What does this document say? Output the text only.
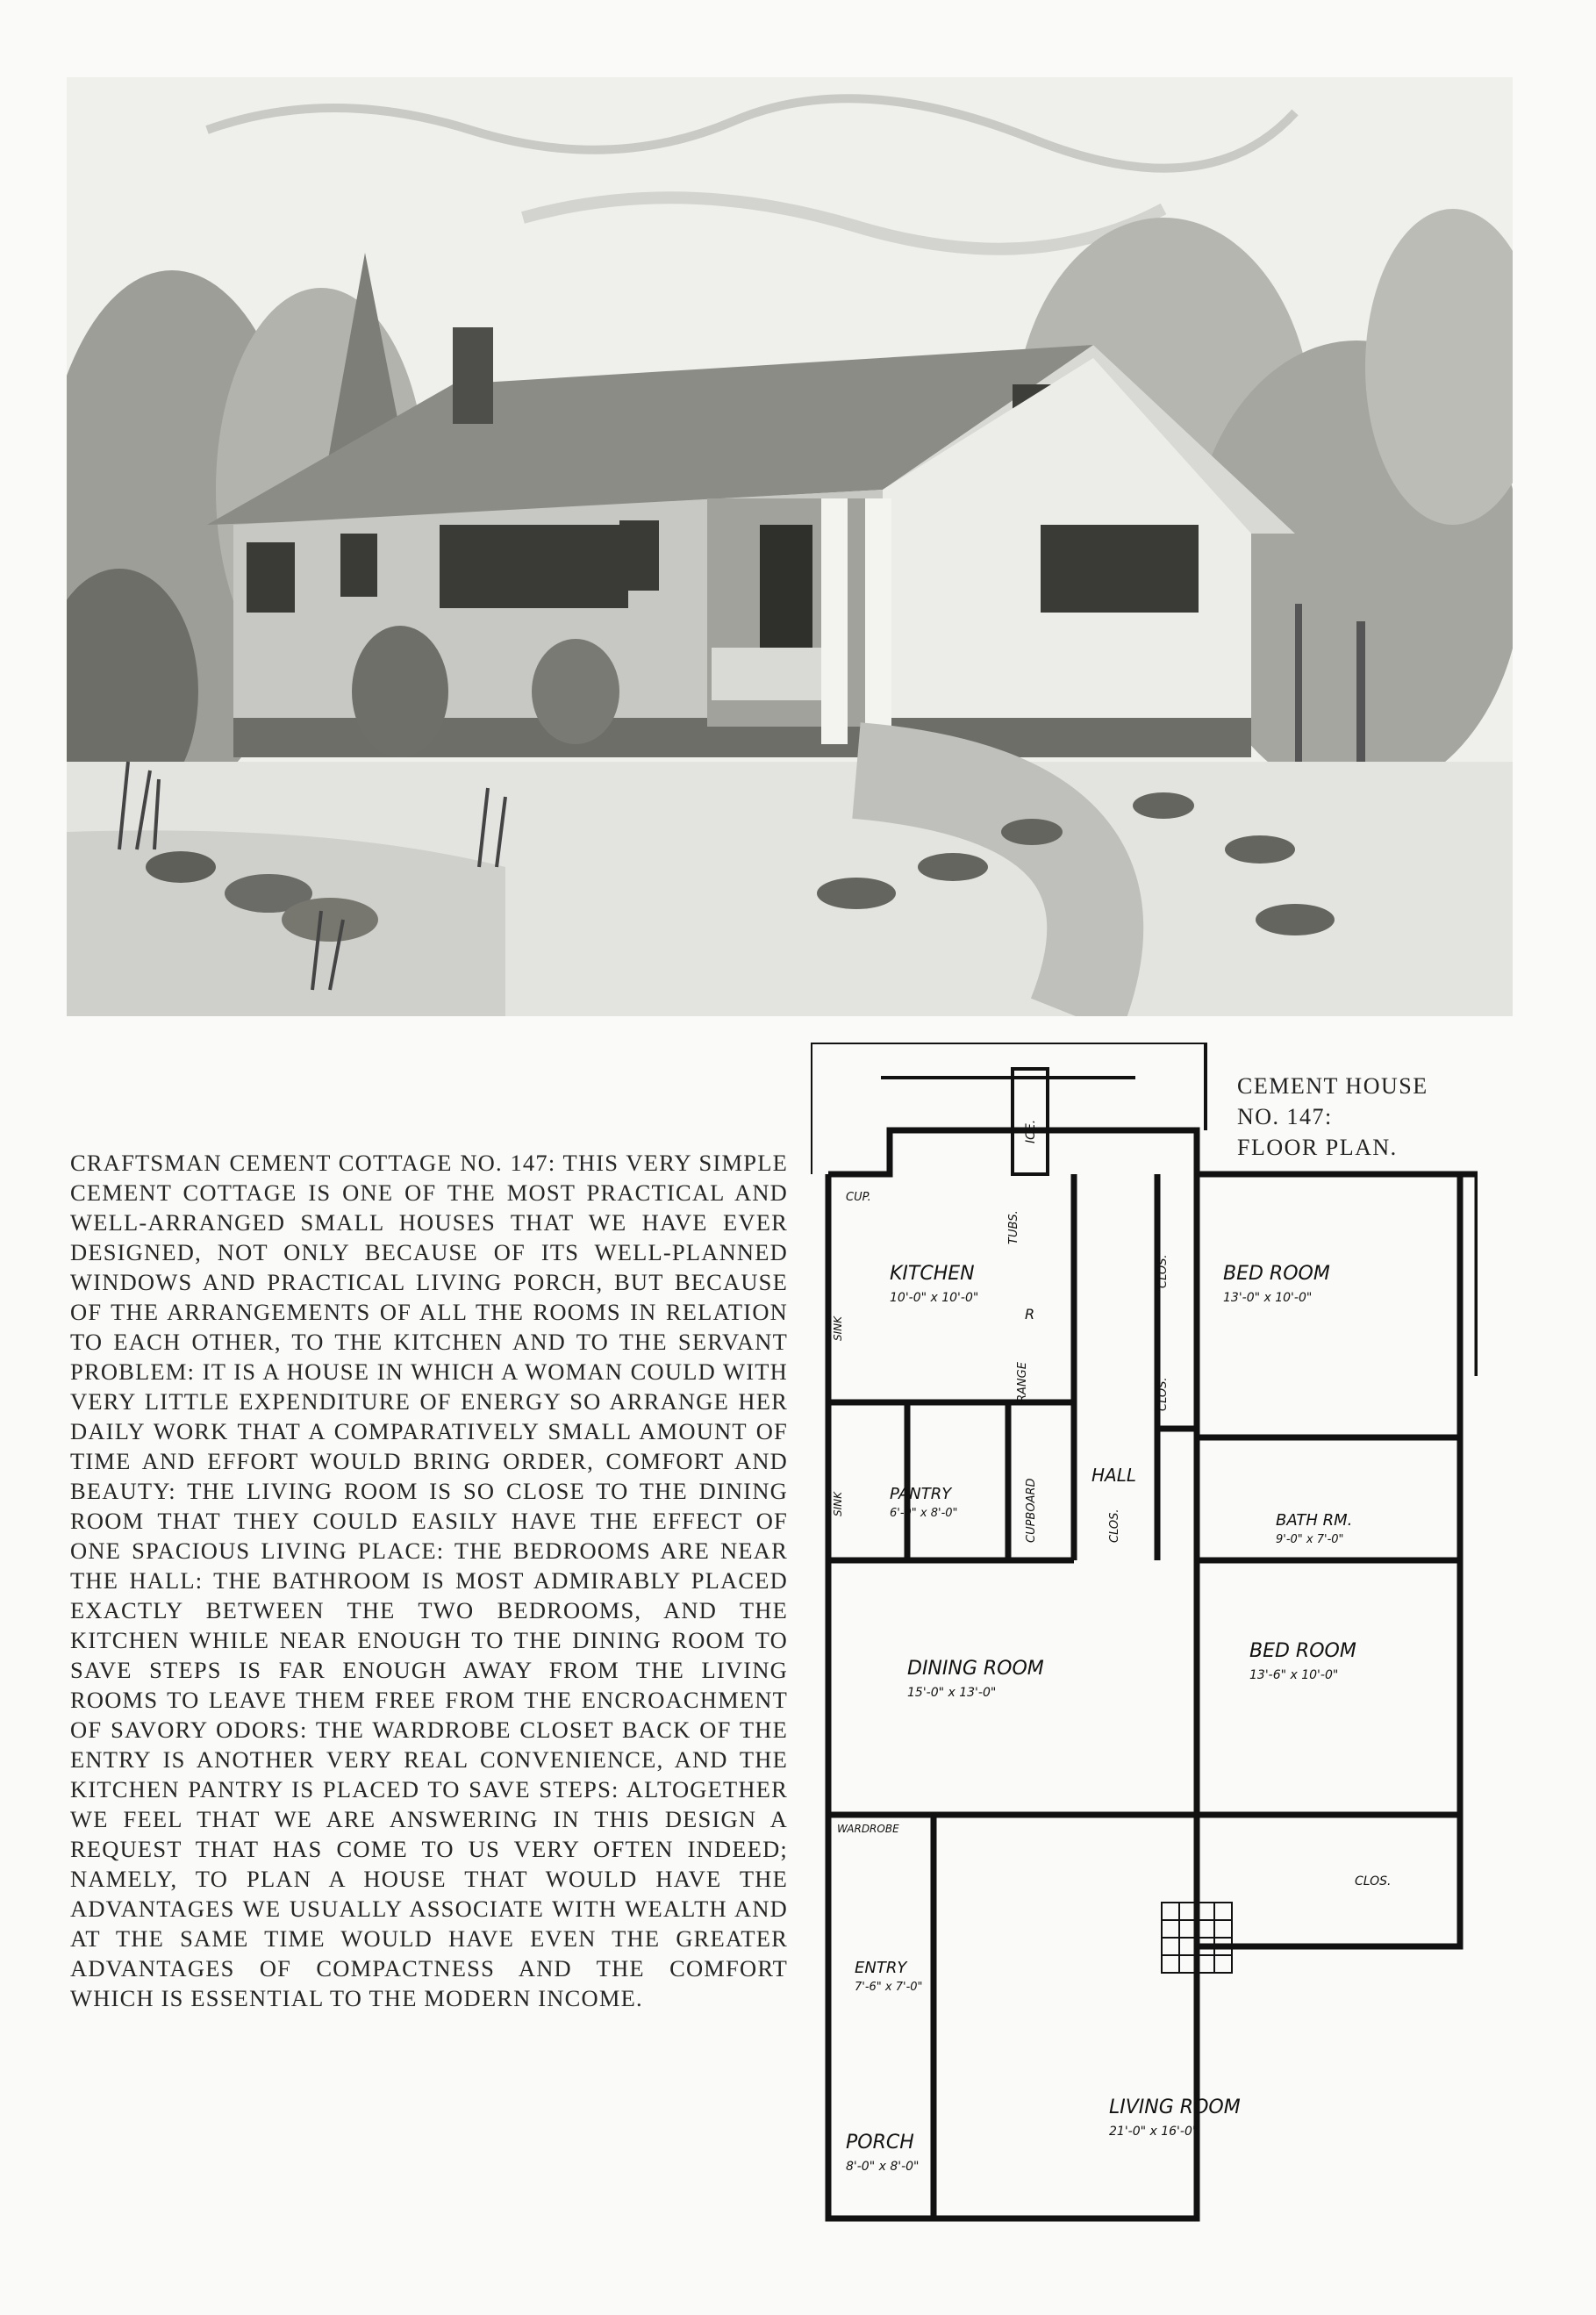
CRAFTSMAN CEMENT COTTAGE NO. 147: THIS VERY SIMPLE CEMENT COTTAGE IS ONE OF THE MOST PRACTICAL AND WELL-ARRANGED SMALL HOUSES THAT WE HAVE EVER DESIGNED, NOT ONLY BECAUSE OF ITS WELL-PLANNED WINDOWS AND PRACTICAL LIVING PORCH, BUT BECAUSE OF THE ARRANGEMENTS OF ALL THE ROOMS IN RELATION TO EACH OTHER, TO THE KITCHEN AND TO THE SERVANT PROBLEM: IT IS A HOUSE IN WHICH A WOMAN COULD WITH VERY LITTLE EXPENDITURE OF ENERGY SO ARRANGE HER DAILY WORK THAT A COMPARATIVELY SMALL AMOUNT OF TIME AND EFFORT WOULD BRING ORDER, COMFORT AND BEAUTY: THE LIVING ROOM IS SO CLOSE TO THE DINING ROOM THAT THEY COULD EASILY HAVE THE EFFECT OF ONE SPACIOUS LIVING PLACE: THE BEDROOMS ARE NEAR THE HALL: THE BATHROOM IS MOST ADMIRABLY PLACED EXACTLY BETWEEN THE TWO BEDROOMS, AND THE KITCHEN WHILE NEAR ENOUGH TO THE DINING ROOM TO SAVE STEPS IS FAR ENOUGH AWAY FROM THE LIVING ROOMS TO LEAVE THEM FREE FROM THE ENCROACHMENT OF SAVORY ODORS: THE WARDROBE CLOSET BACK OF THE ENTRY IS ANOTHER VERY REAL CONVENIENCE, AND THE KITCHEN PANTRY IS PLACED TO SAVE STEPS: ALTOGETHER WE FEEL THAT WE ARE ANSWERING IN THIS DESIGN A REQUEST THAT HAS COME TO US VERY OFTEN INDEED; NAMELY, TO PLAN A HOUSE THAT WOULD HAVE THE ADVANTAGES WE USUALLY ASSOCIATE WITH WEALTH AND AT THE SAME TIME WOULD HAVE EVEN THE GREATER ADVANTAGES OF COMPACTNESS AND THE COMFORT WHICH IS ESSENTIAL TO THE MODERN INCOME.
CEMENT HOUSE
NO. 147:
FLOOR PLAN.
KITCHEN
10'-0" x 10'-0"
BED ROOM
13'-0" x 10'-0"
PANTRY
6'-0" x 8'-0"
HALL
BATH RM.
9'-0" x 7'-0"
DINING ROOM
15'-0" x 13'-0"
BED ROOM
13'-6" x 10'-0"
ENTRY
7'-6" x 7'-0"
PORCH
8'-0" x 8'-0"
LIVING ROOM
21'-0" x 16'-0"
CUP.
TUBS.
SINK
SINK
RANGE
R
ICE.
CLOS.
CLOS.
CLOS.
CUPBOARD
CLOS.
WARDROBE
